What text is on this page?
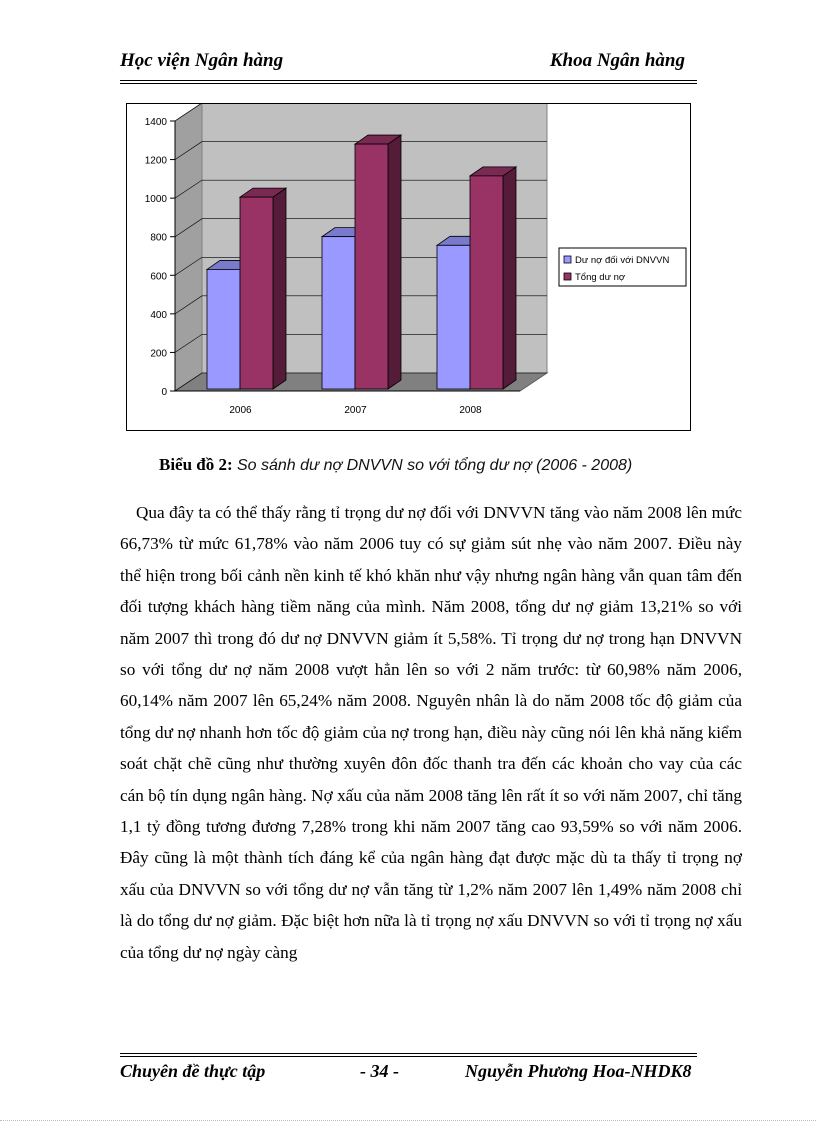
Học viện Ngân hàng	Khoa Ngân hàng
0
200
400
600
800
1000
1200
1400
2006	2007	2008
Dư nợ đối với DNVVN
Tổng dư nợ
Biểu đồ 2: So sánh dư nợ DNVVN so với tổng dư nợ (2006 - 2008)

Qua đây ta có thể thấy rằng tỉ trọng dư nợ đối với DNVVN tăng vào năm 2008 lên mức 66,73% từ mức 61,78% vào năm 2006 tuy có sự giảm sút nhẹ vào năm 2007. Điều này thể hiện trong bối cảnh nền kinh tế khó khăn như vậy nhưng ngân hàng vẫn quan tâm đến đối tượng khách hàng tiềm năng của mình. Năm 2008, tổng dư nợ giảm 13,21% so với năm 2007 thì trong đó dư nợ DNVVN giảm ít 5,58%. Tỉ trọng dư nợ trong hạn DNVVN so với tổng dư nợ năm 2008 vượt hẳn lên so với 2 năm trước: từ 60,98% năm 2006, 60,14% năm 2007 lên 65,24% năm 2008. Nguyên nhân là do năm 2008 tốc độ giảm của tổng dư nợ nhanh hơn tốc độ giảm của nợ trong hạn, điều này cũng nói lên khả năng kiểm soát chặt chẽ cũng như thường xuyên đôn đốc thanh tra đến các khoản cho vay của các cán bộ tín dụng ngân hàng. Nợ xấu của năm 2008 tăng lên rất ít so với năm 2007, chỉ tăng 1,1 tỷ đồng tương đương 7,28% trong khi năm 2007 tăng cao 93,59% so với năm 2006. Đây cũng là một thành tích đáng kể của ngân hàng đạt được mặc dù ta thấy tỉ trọng nợ xấu của DNVVN so với tổng dư nợ vẫn tăng từ 1,2% năm 2007 lên 1,49% năm 2008 chỉ là do tổng dư nợ giảm. Đặc biệt hơn nữa là tỉ trọng nợ xấu DNVVN so với tỉ trọng nợ xấu của tổng dư nợ ngày càng

Chuyên đề thực tập	- 34 -	Nguyễn Phương Hoa-NHDK8
